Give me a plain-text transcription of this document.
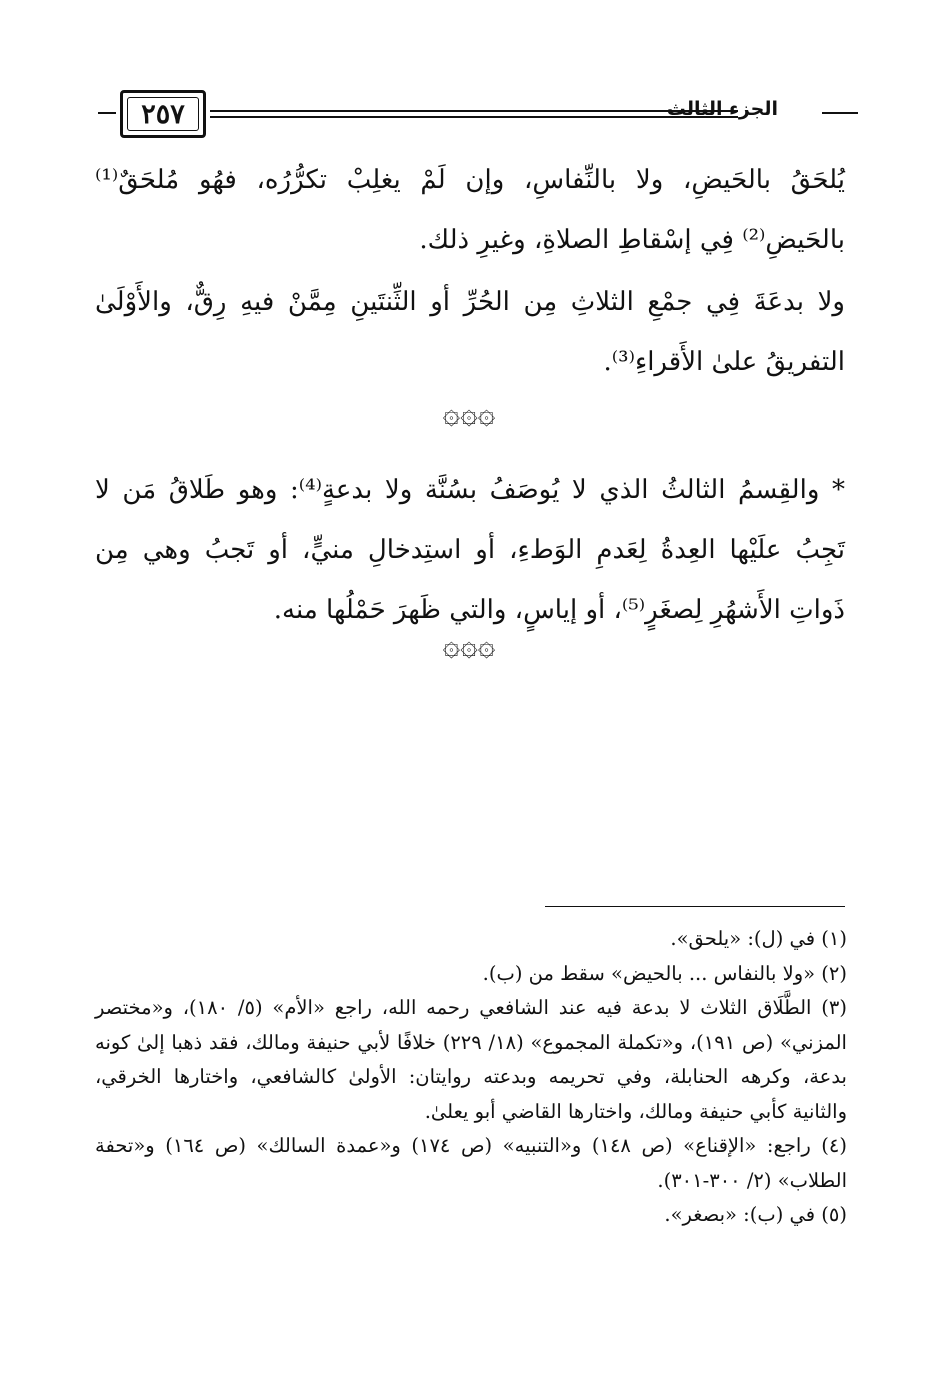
٢٥٧	الجزء الثالث

يُلحَقُ بالحَيضِ، ولا بالنِّفاسِ، وإن لَمْ يغلِبْ تكرُّرُه، فهُو مُلحَقٌ⁽¹⁾ بالحَيضِ⁽²⁾ فِي إسْقاطِ الصلاةِ، وغيرِ ذلك.

ولا بدعَةَ فِي جمْعِ الثلاثِ مِن الحُرِّ أو الثِّنتَينِ مِمَّنْ فيهِ رِقٌّ، والأَوْلَىٰ التفريقُ علىٰ الأَقراءِ⁽³⁾.

۞۞۞

* والقِسمُ الثالثُ الذي لا يُوصَفُ بسُنَّة ولا بدعةٍ⁽⁴⁾: وهو طَلاقُ مَن لا تَجِبُ علَيْها العِدةُ لِعَدمِ الوَطءِ، أو استِدخالِ منيٍّ، أو تَجبُ وهي مِن ذَواتِ الأَشهُرِ لِصغَرٍ⁽⁵⁾، أو إياسٍ، والتي ظَهرَ حَمْلُها منه.

۞۞۞

(١) في (ل): «يلحق».

(٢) «ولا بالنفاس ... بالحيض» سقط من (ب).

(٣) الطَّلَاق الثلاث لا بدعة فيه عند الشافعي رحمه الله، راجع «الأم» (٥/ ١٨٠)، و«مختصر المزني» (ص ١٩١)، و«تكملة المجموع» (١٨/ ٢٢٩) خلافًا لأبي حنيفة ومالك، فقد ذهبا إلىٰ كونه بدعة، وكرهه الحنابلة، وفي تحريمه وبدعته روايتان: الأولىٰ كالشافعي، واختارها الخرقي، والثانية كأبي حنيفة ومالك، واختارها القاضي أبو يعلىٰ.

(٤) راجع: «الإقناع» (ص ١٤٨) و«التنبيه» (ص ١٧٤) و«عمدة السالك» (ص ١٦٤) و«تحفة الطلاب» (٢/ ٣٠٠-٣٠١).

(٥) في (ب): «بصغر».
